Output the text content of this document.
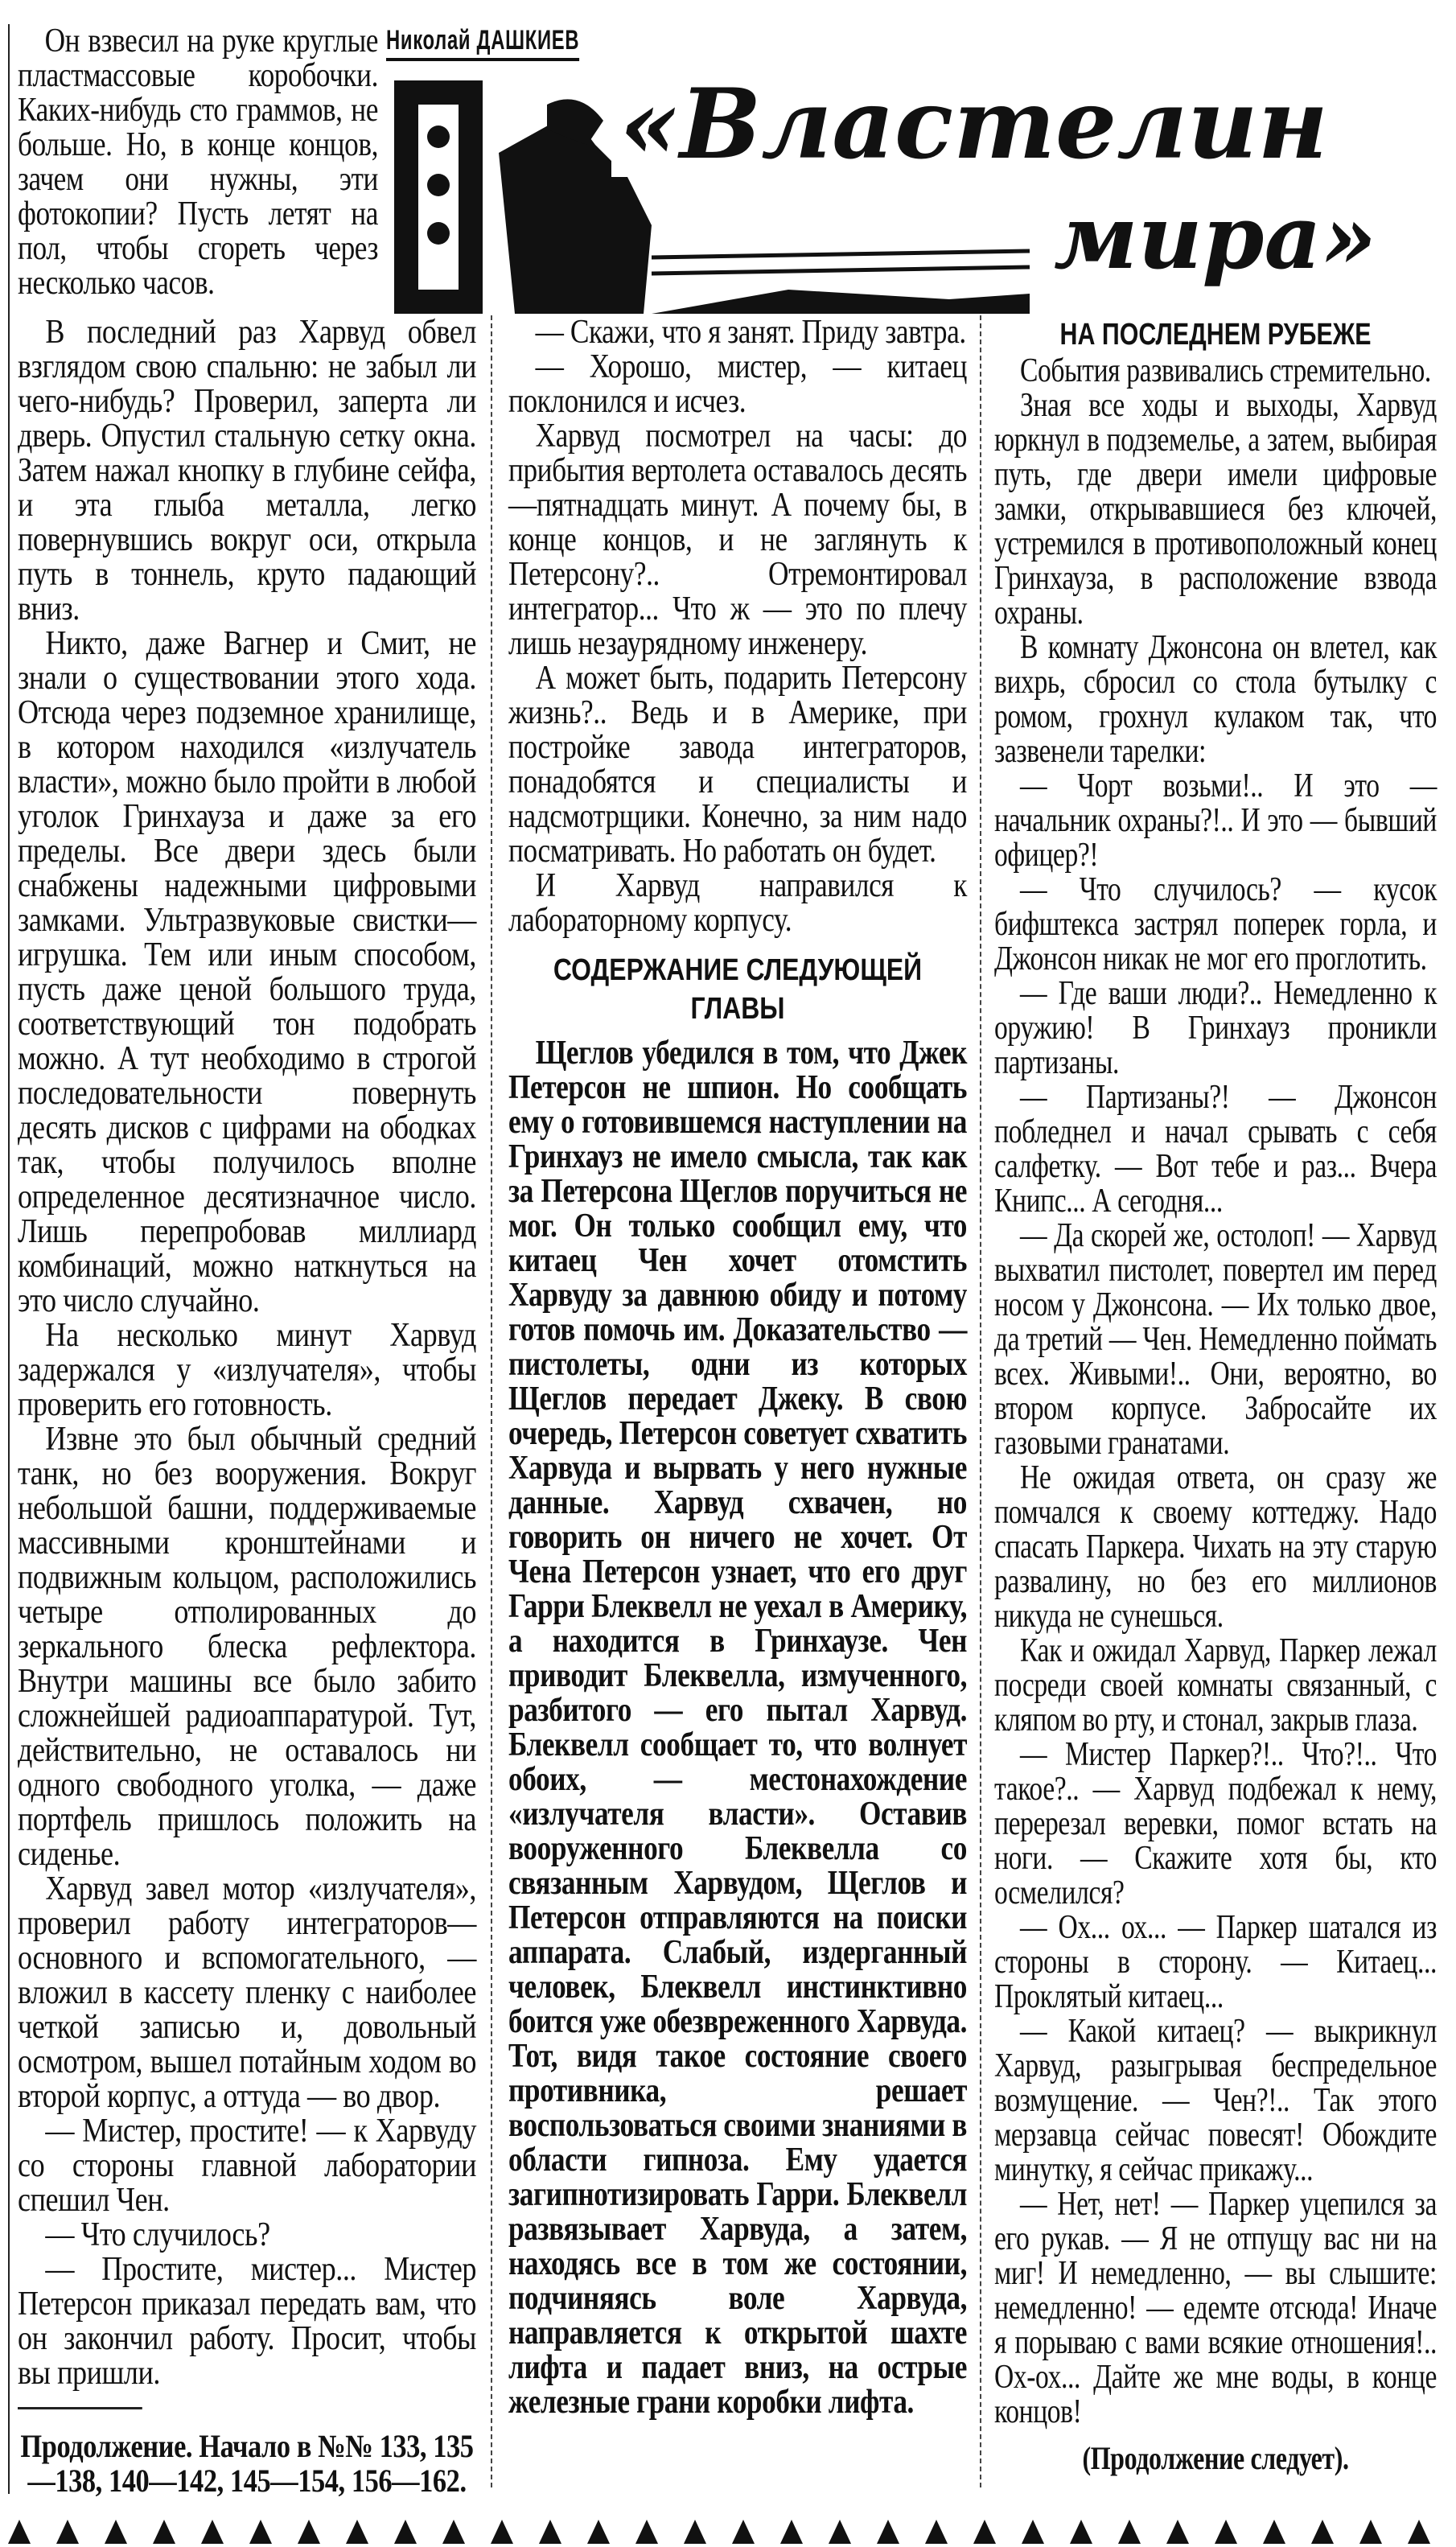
Николай ДАШКИЕВ
«Властелин
мира»

Он взвесил на руке круглые пластмассовые коробочки. Каких-нибудь сто граммов, не больше. Но, в конце концов, зачем они нужны, эти фотокопии? Пусть летят на пол, чтобы сгореть через несколько часов.

В последний раз Харвуд обвел взглядом свою спальню: не забыл ли чего-нибудь? Проверил, заперта ли дверь. Опустил стальную сетку окна. Затем нажал кнопку в глубине сейфа, и эта глыба металла, легко повернувшись вокруг оси, открыла путь в тоннель, круто падающий вниз.

Никто, даже Вагнер и Смит, не знали о существовании этого хода. Отсюда через подземное хранилище, в котором находился «излучатель власти», можно было пройти в любой уголок Гринхауза и даже за его пределы. Все двери здесь были снабжены надежными цифровыми замками. Ультразвуковые свистки—игрушка. Тем или иным способом, пусть даже ценой большого труда, соответствующий тон подобрать можно. А тут необходимо в строгой последовательности повернуть десять дисков с цифрами на ободках так, чтобы получилось вполне определенное десятизначное число. Лишь перепробовав миллиард комбинаций, можно наткнуться на это число случайно.

На несколько минут Харвуд задержался у «излучателя», чтобы проверить его готовность.

Извне это был обычный средний танк, но без вооружения. Вокруг небольшой башни, поддерживаемые массивными кронштейнами и подвижным кольцом, расположились четыре отполированных до зеркального блеска рефлектора. Внутри машины все было забито сложнейшей радиоаппаратурой. Тут, действительно, не оставалось ни одного свободного уголка, — даже портфель пришлось положить на сиденье.

Харвуд завел мотор «излучателя», проверил работу интеграторов—основного и вспомогательного, — вложил в кассету пленку с наиболее четкой записью и, довольный осмотром, вышел потайным ходом во второй корпус, а оттуда — во двор.

— Мистер, простите! — к Харвуду со стороны главной лаборатории спешил Чен.

— Что случилось?

— Простите, мистер... Мистер Петерсон приказал передать вам, что он закончил работу. Просит, чтобы вы пришли.

Продолжение. Начало в №№ 133, 135—138, 140—142, 145—154, 156—162.

— Скажи, что я занят. Приду завтра.

— Хорошо, мистер, — китаец поклонился и исчез.

Харвуд посмотрел на часы: до прибытия вертолета оставалось десять—пятнадцать минут. А почему бы, в конце концов, и не заглянуть к Петерсону?.. Отремонтировал интегратор... Что ж — это по плечу лишь незаурядному инженеру.

А может быть, подарить Петерсону жизнь?.. Ведь и в Америке, при постройке завода интеграторов, понадобятся и специалисты и надсмотрщики. Конечно, за ним надо посматривать. Но работать он будет.

И Харвуд направился к лабораторному корпусу.

СОДЕРЖАНИЕ СЛЕДУЮЩЕЙ ГЛАВЫ

Щеглов убедился в том, что Джек Петерсон не шпион. Но сообщать ему о готовившемся наступлении на Гринхауз не имело смысла, так как за Петерсона Щеглов поручиться не мог. Он только сообщил ему, что китаец Чен хочет отомстить Харвуду за давнюю обиду и потому готов помочь им. Доказательство — пистолеты, одни из которых Щеглов передает Джеку. В свою очередь, Петерсон советует схватить Харвуда и вырвать у него нужные данные. Харвуд схвачен, но говорить он ничего не хочет. От Чена Петерсон узнает, что его друг Гарри Блеквелл не уехал в Америку, а находится в Гринхаузе. Чен приводит Блеквелла, измученного, разбитого — его пытал Харвуд. Блеквелл сообщает то, что волнует обоих, — местонахождение «излучателя власти». Оставив вооруженного Блеквелла со связанным Харвудом, Щеглов и Петерсон отправляются на поиски аппарата. Слабый, издерганный человек, Блеквелл инстинктивно боится уже обезвреженного Харвуда. Тот, видя такое состояние своего противника, решает воспользоваться своими знаниями в области гипноза. Ему удается загипнотизировать Гарри. Блеквелл развязывает Харвуда, а затем, находясь все в том же состоянии, подчиняясь воле Харвуда, направляется к открытой шахте лифта и падает вниз, на острые железные грани коробки лифта.

НА ПОСЛЕДНЕМ РУБЕЖЕ

События развивались стремительно.

Зная все ходы и выходы, Харвуд юркнул в подземелье, а затем, выбирая путь, где двери имели цифровые замки, открывавшиеся без ключей, устремился в противоположный конец Гринхауза, в расположение взвода охраны.

В комнату Джонсона он влетел, как вихрь, сбросил со стола бутылку с ромом, грохнул кулаком так, что зазвенели тарелки:

— Чорт возьми!.. И это — начальник охраны?!.. И это — бывший офицер?!

— Что случилось? — кусок бифштекса застрял поперек горла, и Джонсон никак не мог его проглотить.

— Где ваши люди?.. Немедленно к оружию! В Гринхауз проникли партизаны.

— Партизаны?! — Джонсон побледнел и начал срывать с себя салфетку. — Вот тебе и раз... Вчера Книпс... А сегодня...

— Да скорей же, остолоп! — Харвуд выхватил пистолет, повертел им перед носом у Джонсона. — Их только двое, да третий — Чен. Немедленно поймать всех. Живыми!.. Они, вероятно, во втором корпусе. Забросайте их газовыми гранатами.

Не ожидая ответа, он сразу же помчался к своему коттеджу. Надо спасать Паркера. Чихать на эту старую развалину, но без его миллионов никуда не сунешься.

Как и ожидал Харвуд, Паркер лежал посреди своей комнаты связанный, с кляпом во рту, и стонал, закрыв глаза.

— Мистер Паркер?!.. Что?!.. Что такое?.. — Харвуд подбежал к нему, перерезал веревки, помог встать на ноги. — Скажите хотя бы, кто осмелился?

— Ох... ох... — Паркер шатался из стороны в сторону. — Китаец... Проклятый китаец...

— Какой китаец? — выкрикнул Харвуд, разыгрывая беспредельное возмущение. — Чен?!.. Так этого мерзавца сейчас повесят! Обождите минутку, я сейчас прикажу...

— Нет, нет! — Паркер уцепился за его рукав. — Я не отпущу вас ни на миг! И немедленно, — вы слышите: немедленно! — едемте отсюда! Иначе я порываю с вами всякие отношения!.. Ох-ох... Дайте же мне воды, в конце концов!

(Продолжение следует).
